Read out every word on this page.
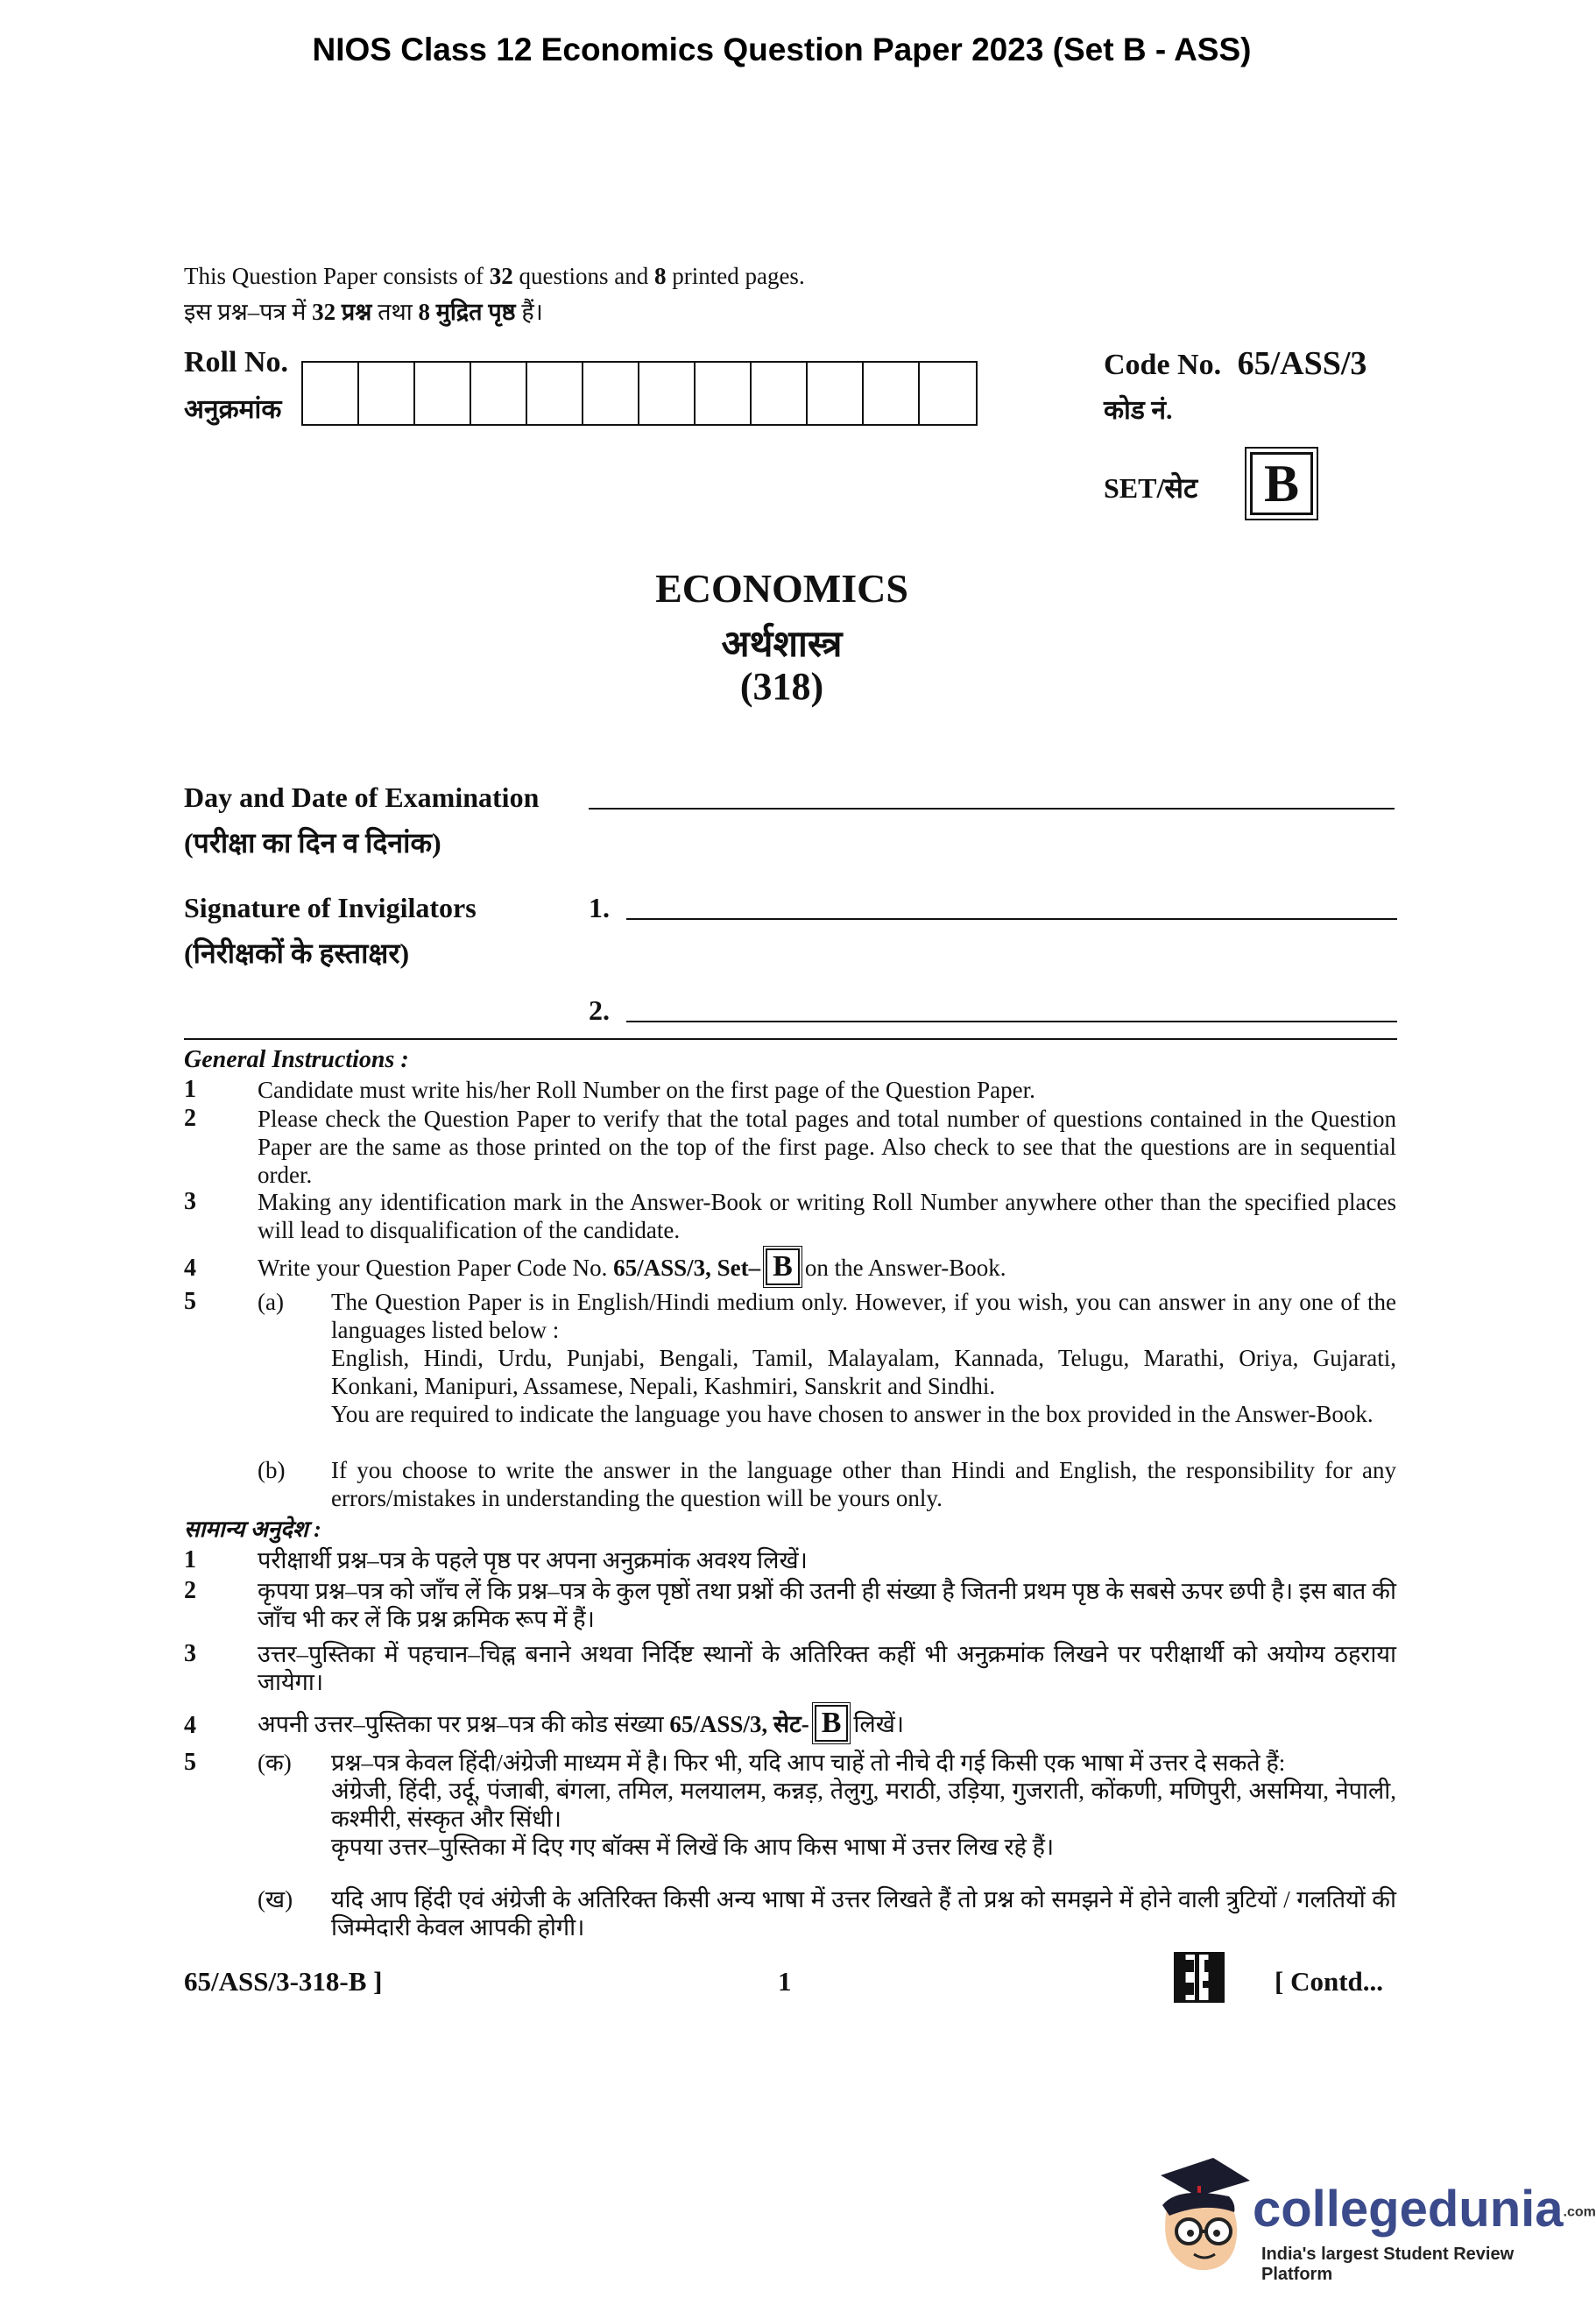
NIOS Class 12 Economics Question Paper 2023 (Set B - ASS)
This Question Paper consists of 32 questions and 8 printed pages.
इस प्रश्न–पत्र में 32 प्रश्न तथा 8 मुद्रित पृष्ठ हैं।
Roll No.
अनुक्रमांक
Code No. 65/ASS/3
कोड नं.
SET/सेट B
ECONOMICS
अर्थशास्त्र
(318)
Day and Date of Examination
(परीक्षा का दिन व दिनांक)
Signature of Invigilators	1.
(निरीक्षकों के हस्ताक्षर)
2.
General Instructions :
1	Candidate must write his/her Roll Number on the first page of the Question Paper.
2	Please check the Question Paper to verify that the total pages and total number of questions contained in the Question Paper are the same as those printed on the top of the first page. Also check to see that the questions are in sequential order.
3	Making any identification mark in the Answer-Book or writing Roll Number anywhere other than the specified places will lead to disqualification of the candidate.
4	Write your Question Paper Code No. 65/ASS/3, Set– B on the Answer-Book.
5	(a) The Question Paper is in English/Hindi medium only. However, if you wish, you can answer in any one of the languages listed below :
English, Hindi, Urdu, Punjabi, Bengali, Tamil, Malayalam, Kannada, Telugu, Marathi, Oriya, Gujarati, Konkani, Manipuri, Assamese, Nepali, Kashmiri, Sanskrit and Sindhi.
You are required to indicate the language you have chosen to answer in the box provided in the Answer-Book.
(b) If you choose to write the answer in the language other than Hindi and English, the responsibility for any errors/mistakes in understanding the question will be yours only.
सामान्य अनुदेश :
1	परीक्षार्थी प्रश्न–पत्र के पहले पृष्ठ पर अपना अनुक्रमांक अवश्य लिखें।
2	कृपया प्रश्न–पत्र को जाँच लें कि प्रश्न–पत्र के कुल पृष्ठों तथा प्रश्नों की उतनी ही संख्या है जितनी प्रथम पृष्ठ के सबसे ऊपर छपी है। इस बात की जाँच भी कर लें कि प्रश्न क्रमिक रूप में हैं।
3	उत्तर–पुस्तिका में पहचान–चिह्न बनाने अथवा निर्दिष्ट स्थानों के अतिरिक्त कहीं भी अनुक्रमांक लिखने पर परीक्षार्थी को अयोग्य ठहराया जायेगा।
4	अपनी उत्तर–पुस्तिका पर प्रश्न–पत्र की कोड संख्या 65/ASS/3, सेट- B लिखें।
5	(क) प्रश्न–पत्र केवल हिंदी/अंग्रेजी माध्यम में है। फिर भी, यदि आप चाहें तो नीचे दी गई किसी एक भाषा में उत्तर दे सकते हैं:
अंग्रेजी, हिंदी, उर्दू, पंजाबी, बंगला, तमिल, मलयालम, कन्नड़, तेलुगु, मराठी, उड़िया, गुजराती, कोंकणी, मणिपुरी, असमिया, नेपाली, कश्मीरी, संस्कृत और सिंधी।
कृपया उत्तर–पुस्तिका में दिए गए बॉक्स में लिखें कि आप किस भाषा में उत्तर लिख रहे हैं।
(ख) यदि आप हिंदी एवं अंग्रेजी के अतिरिक्त किसी अन्य भाषा में उत्तर लिखते हैं तो प्रश्न को समझने में होने वाली त्रुटियों / गलतियों की जिम्मेदारी केवल आपकी होगी।
65/ASS/3-318-B ]	1	[ Contd...
collegedunia.com
India's largest Student Review Platform
